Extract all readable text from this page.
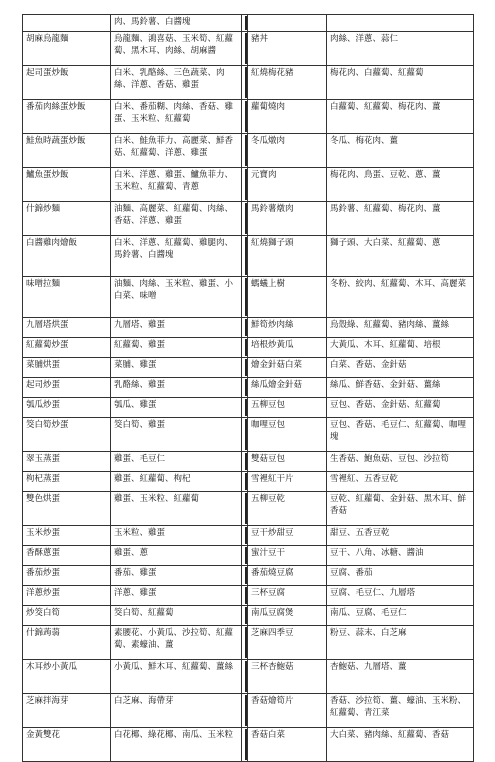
	肉、馬鈴薯、白醬塊	

胡麻烏龍麵	烏龍麵、鴻喜菇、玉米筍、紅蘿蔔、黑木耳、肉絲、胡麻醬		豬丼	肉絲、洋蔥、蒜仁
起司蛋炒飯	白米、乳酪絲、三色蔬菜、肉絲、洋蔥、香菇、雞蛋		紅燒梅花豬	梅花肉、白蘿蔔、紅蘿蔔
番茄肉絲蛋炒飯	白米、番茄糊、肉絲、香菇、雞蛋、玉米粒、紅蘿蔔		蘿蔔燒肉	白蘿蔔、紅蘿蔔、梅花肉、薑
鮭魚時蔬蛋炒飯	白米、鮭魚菲力、高麗菜、鮮香菇、紅蘿蔔、洋蔥、雞蛋		冬瓜燉肉	冬瓜、梅花肉、薑
鱸魚蛋炒飯	白米、洋蔥、雞蛋、鱸魚菲力、玉米粒、紅蘿蔔、青蔥		元寶肉	梅花肉、鳥蛋、豆乾、蔥、薑
什錦炒麵	油麵、高麗菜、紅蘿蔔、肉絲、香菇、洋蔥、雞蛋		馬鈴薯燉肉	馬鈴薯、紅蘿蔔、梅花肉、薑
白醬雞肉燴飯	白米、洋蔥、紅蘿蔔、雞腿肉、馬鈴薯、白醬塊		紅燒獅子頭	獅子頭、大白菜、紅蘿蔔、蔥
味噌拉麵	油麵、肉絲、玉米粒、雞蛋、小白菜、味噌		螞蟻上樹	冬粉、絞肉、紅蘿蔔、木耳、高麗菜
九層塔烘蛋	九層塔、雞蛋		鮮筍炒肉絲	烏殼綠、紅蘿蔔、豬肉絲、薑絲
紅蘿蔔炒蛋	紅蘿蔔、雞蛋		培根炒黃瓜	大黃瓜、木耳、紅蘿蔔、培根
菜脯烘蛋	菜脯、雞蛋		燴金針菇白菜	白菜、香菇、金針菇
起司炒蛋	乳酪絲、雞蛋		絲瓜燴金針菇	絲瓜、鮮香菇、金針菇、薑絲
瓠瓜炒蛋	瓠瓜、雞蛋		五柳豆包	豆包、香菇、金針菇、紅蘿蔔
筊白筍炒蛋	筊白筍、雞蛋		咖哩豆包	豆包、香菇、毛豆仁、紅蘿蔔、咖哩塊
翠玉蒸蛋	雞蛋、毛豆仁		雙菇豆包	生香菇、鮑魚菇、豆包、沙拉筍
枸杞蒸蛋	雞蛋、紅蘿蔔、枸杞		雪裡紅干片	雪裡紅、五香豆乾
雙色烘蛋	雞蛋、玉米粒、紅蘿蔔		五柳豆乾	豆乾、紅蘿蔔、金針菇、黑木耳、鮮香菇
玉米炒蛋	玉米粒、雞蛋		豆干炒甜豆	甜豆、五香豆乾
香酥蔥蛋	雞蛋、蔥		蜜汁豆干	豆干、八角、冰糖、醬油
番茄炒蛋	番茄、雞蛋		番茄燒豆腐	豆腐、番茄
洋蔥炒蛋	洋蔥、雞蛋		三杯豆腐	豆腐、毛豆仁、九層塔
炒筊白筍	筊白筍、紅蘿蔔		南瓜豆腐煲	南瓜、豆腐、毛豆仁
什錦蒟蒻	素腰花、小黃瓜、沙拉筍、紅蘿蔔、素蠔油、薑		芝麻四季豆	粉豆、蒜末、白芝麻
木耳炒小黃瓜	小黃瓜、鮮木耳、紅蘿蔔、薑絲		三杯杏鮑菇	杏鮑菇、九層塔、薑
芝麻拌海芽	白芝麻、海帶芽		香菇燴筍片	香菇、沙拉筍、薑、蠔油、玉米粉、紅蘿蔔、青江菜
金黃雙花	白花椰、綠花椰、南瓜、玉米粒		香菇白菜	大白菜、豬肉絲、紅蘿蔔、香菇
